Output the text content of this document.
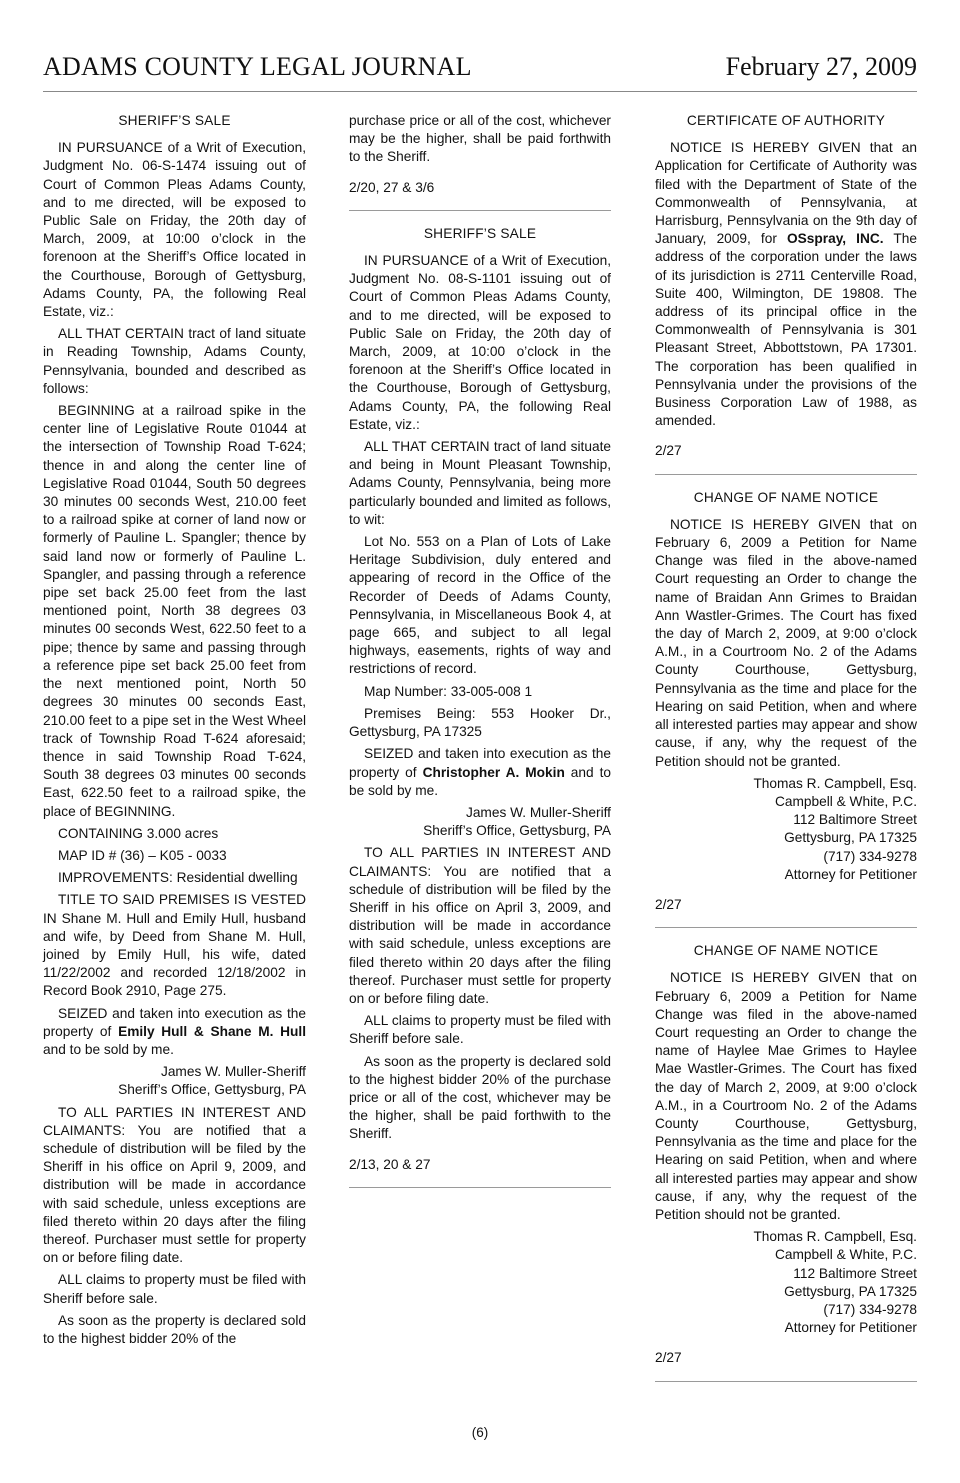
ADAMS COUNTY LEGAL JOURNAL	February 27, 2009
SHERIFF’S SALE

IN PURSUANCE of a Writ of Execution, Judgment No. 06-S-1474 issuing out of Court of Common Pleas Adams County, and to me directed, will be exposed to Public Sale on Friday, the 20th day of March, 2009, at 10:00 o’clock in the forenoon at the Sheriff’s Office located in the Courthouse, Borough of Gettysburg, Adams County, PA, the following Real Estate, viz.:

ALL THAT CERTAIN tract of land situate in Reading Township, Adams County, Pennsylvania, bounded and described as follows:

BEGINNING at a railroad spike in the center line of Legislative Route 01044 at the intersection of Township Road T-624; thence in and along the center line of Legislative Road 01044, South 50 degrees 30 minutes 00 seconds West, 210.00 feet to a railroad spike at corner of land now or formerly of Pauline L. Spangler; thence by said land now or formerly of Pauline L. Spangler, and passing through a reference pipe set back 25.00 feet from the last mentioned point, North 38 degrees 03 minutes 00 seconds West, 622.50 feet to a pipe; thence by same and passing through a reference pipe set back 25.00 feet from the next mentioned point, North 50 degrees 30 minutes 00 seconds East, 210.00 feet to a pipe set in the West Wheel track of Township Road T-624 aforesaid; thence in said Township Road T-624, South 38 degrees 03 minutes 00 seconds East, 622.50 feet to a railroad spike, the place of BEGINNING.

CONTAINING 3.000 acres

MAP ID # (36) – K05 - 0033

IMPROVEMENTS: Residential dwelling

TITLE TO SAID PREMISES IS VESTED IN Shane M. Hull and Emily Hull, husband and wife, by Deed from Shane M. Hull, joined by Emily Hull, his wife, dated 11/22/2002 and recorded 12/18/2002 in Record Book 2910, Page 275.

SEIZED and taken into execution as the property of Emily Hull & Shane M. Hull and to be sold by me.

James W. Muller-Sheriff
Sheriff’s Office, Gettysburg, PA

TO ALL PARTIES IN INTEREST AND CLAIMANTS: You are notified that a schedule of distribution will be filed by the Sheriff in his office on April 9, 2009, and distribution will be made in accordance with said schedule, unless exceptions are filed thereto within 20 days after the filing thereof. Purchaser must settle for property on or before filing date.

ALL claims to property must be filed with Sheriff before sale.

As soon as the property is declared sold to the highest bidder 20% of the

purchase price or all of the cost, whichever may be the higher, shall be paid forthwith to the Sheriff.

2/20, 27 & 3/6
SHERIFF’S SALE

IN PURSUANCE of a Writ of Execution, Judgment No. 08-S-1101 issuing out of Court of Common Pleas Adams County, and to me directed, will be exposed to Public Sale on Friday, the 20th day of March, 2009, at 10:00 o’clock in the forenoon at the Sheriff’s Office located in the Courthouse, Borough of Gettysburg, Adams County, PA, the following Real Estate, viz.:

ALL THAT CERTAIN tract of land situate and being in Mount Pleasant Township, Adams County, Pennsylvania, being more particularly bounded and limited as follows, to wit:

Lot No. 553 on a Plan of Lots of Lake Heritage Subdivision, duly entered and appearing of record in the Office of the Recorder of Deeds of Adams County, Pennsylvania, in Miscellaneous Book 4, at page 665, and subject to all legal highways, easements, rights of way and restrictions of record.

Map Number: 33-005-008 1

Premises Being: 553 Hooker Dr., Gettysburg, PA 17325

SEIZED and taken into execution as the property of Christopher A. Mokin and to be sold by me.

James W. Muller-Sheriff
Sheriff’s Office, Gettysburg, PA

TO ALL PARTIES IN INTEREST AND CLAIMANTS: You are notified that a schedule of distribution will be filed by the Sheriff in his office on April 3, 2009, and distribution will be made in accordance with said schedule, unless exceptions are filed thereto within 20 days after the filing thereof. Purchaser must settle for property on or before filing date.

ALL claims to property must be filed with Sheriff before sale.

As soon as the property is declared sold to the highest bidder 20% of the purchase price or all of the cost, whichever may be the higher, shall be paid forthwith to the Sheriff.

2/13, 20 & 27
CERTIFICATE OF AUTHORITY

NOTICE IS HEREBY GIVEN that an Application for Certificate of Authority was filed with the Department of State of the Commonwealth of Pennsylvania, at Harrisburg, Pennsylvania on the 9th day of January, 2009, for OSspray, INC. The address of the corporation under the laws of its jurisdiction is 2711 Centerville Road, Suite 400, Wilmington, DE 19808. The address of its principal office in the Commonwealth of Pennsylvania is 301 Pleasant Street, Abbottstown, PA 17301. The corporation has been qualified in Pennsylvania under the provisions of the Business Corporation Law of 1988, as amended.

2/27
CHANGE OF NAME NOTICE

NOTICE IS HEREBY GIVEN that on February 6, 2009 a Petition for Name Change was filed in the above-named Court requesting an Order to change the name of Braidan Ann Grimes to Braidan Ann Wastler-Grimes. The Court has fixed the day of March 2, 2009, at 9:00 o’clock A.M., in a Courtroom No. 2 of the Adams County Courthouse, Gettysburg, Pennsylvania as the time and place for the Hearing on said Petition, when and where all interested parties may appear and show cause, if any, why the request of the Petition should not be granted.

Thomas R. Campbell, Esq.
Campbell & White, P.C.
112 Baltimore Street
Gettysburg, PA 17325
(717) 334-9278
Attorney for Petitioner
2/27
CHANGE OF NAME NOTICE

NOTICE IS HEREBY GIVEN that on February 6, 2009 a Petition for Name Change was filed in the above-named Court requesting an Order to change the name of Haylee Mae Grimes to Haylee Mae Wastler-Grimes. The Court has fixed the day of March 2, 2009, at 9:00 o’clock A.M., in a Courtroom No. 2 of the Adams County Courthouse, Gettysburg, Pennsylvania as the time and place for the Hearing on said Petition, when and where all interested parties may appear and show cause, if any, why the request of the Petition should not be granted.

Thomas R. Campbell, Esq.
Campbell & White, P.C.
112 Baltimore Street
Gettysburg, PA 17325
(717) 334-9278
Attorney for Petitioner
2/27
(6)
